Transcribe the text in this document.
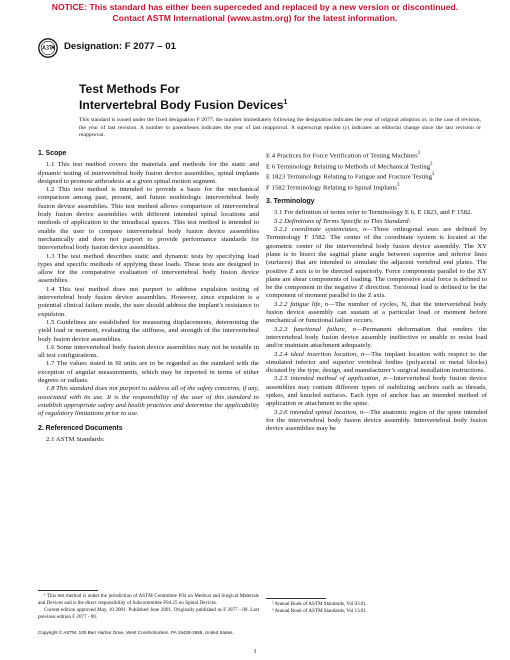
NOTICE: This standard has either been superceded and replaced by a new version or discontinued.
Contact ASTM International (www.astm.org) for the latest information.
Designation: F 2077 – 01
Test Methods For
Intervertebral Body Fusion Devices$^1$
This standard is issued under the fixed designation F 2077; the number immediately following the designation indicates the year of original adoption or, in the case of revision, the year of last revision. A number in parentheses indicates the year of last reapproval. A superscript epsilon (ε) indicates an editorial change since the last revision or reapproval.
1. Scope

1.1 This test method covers the materials and methods for the static and dynamic testing of intervertebral body fusion device assemblies, spinal implants designed to promote arthrodesis at a given spinal motion segment.

1.2 This test method is intended to provide a basis for the mechanical comparison among past, present, and future nonbiologic intervertebral body fusion device assemblies. This test method allows comparison of intervertebral body fusion device assemblies with different intended spinal locations and methods of application to the intradiscal spaces. This test method is intended to enable the user to compare intervertebral body fusion device assemblies mechanically and does not purport to provide performance standards for intervertebral body fusion device assemblies.

1.3 The test method describes static and dynamic tests by specifying load types and specific methods of applying these loads. These tests are designed to allow for the comparative evaluation of intervertebral body fusion device assemblies.

1.4 This test method does not purport to address expulsion testing of intervertebral body fusion device assemblies. However, since expulsion is a potential clinical failure mode, the user should address the implant’s resistance to expulsion.

1.5 Guidelines are established for measuring displacements, determining the yield load or moment, evaluating the stiffness, and strength of the intervertebral body fusion device assemblies.

1.6 Some intervertebral body fusion device assemblies may not be testable in all test configurations.

1.7 The values stated in SI units are to be regarded as the standard with the exception of angular measurements, which may be reported in terms of either degrees or radians.

1.8 This standard does not purport to address all of the safety concerns, if any, associated with its use. It is the responsibility of the user of this standard to establish appropriate safety and health practices and determine the applicability of regulatory limitations prior to use.

2. Referenced Documents

2.1 ASTM Standards:

¹ This test method is under the jurisdiction of ASTM Committee F04 on Medical and Surgical Materials and Devices and is the direct responsibility of Subcommittee F04.25 on Spinal Devices.

Current edition approved May, 10 2001. Published June 2001. Originally published as F 2077 - 00. Last previous edition F 2077 - 00.

E 4 Practices for Force Verification of Testing Machines$^2$

E 6 Terminology Relating to Methods of Mechanical Testing$^2$

E 1823 Terminology Relating to Fatigue and Fracture Testing$^2$

F 1582 Terminology Relating to Spinal Implants$^3$

3. Terminology

3.1 For definition of terms refer to Terminology E 6, E 1823, and F 1582.

3.2 Definitions of Terms Specific to This Standard:

3.2.1 coordinate system/axes, n—Three orthogonal axes are defined by Terminology F 1582. The center of the coordinate system is located at the geometric center of the intervertebral body fusion device assembly. The XY plane is to bisect the sagittal plane angle between superior and inferior lines (surfaces) that are intended to simulate the adjacent vertebral end plates. The positive Z axis is to be directed superiorly. Force components parallel to the XY plane are shear components of loading. The compressive axial force is defined to be the component in the negative Z direction. Torsional load is defined to be the component of moment parallel to the Z axis.

3.2.2 fatigue life, n—The number of cycles, N, that the intervertebral body fusion device assembly can sustain at a particular load or moment before mechanical or functional failure occurs.

3.2.3 functional failure, n—Permanent deformation that renders the intervertebral body fusion device assembly ineffective or unable to resist load and/or maintain attachment adequately.

3.2.4 ideal insertion location, n—The implant location with respect to the simulated inferior and superior vertebral bodies (polyacetal or metal blocks) dictated by the type, design, and manufacturer’s surgical installation instructions.

3.2.5 intended method of application, n—Intervertebral body fusion device assemblies may contain different types of stabilizing anchors such as threads, spikes, and knurled surfaces. Each type of anchor has an intended method of application or attachment to the spine.

3.2.6 intended spinal location, n—The anatomic region of the spine intended for the intervertebral body fusion device assembly. Intervertebral body fusion device assemblies may be

² Annual Book of ASTM Standards, Vol 03.01.

³ Annual Book of ASTM Standards, Vol 13.01.

Copyright © ASTM, 100 Barr Harbor Drive, West Conshohocken, PA 19428-2959, United States.
1
